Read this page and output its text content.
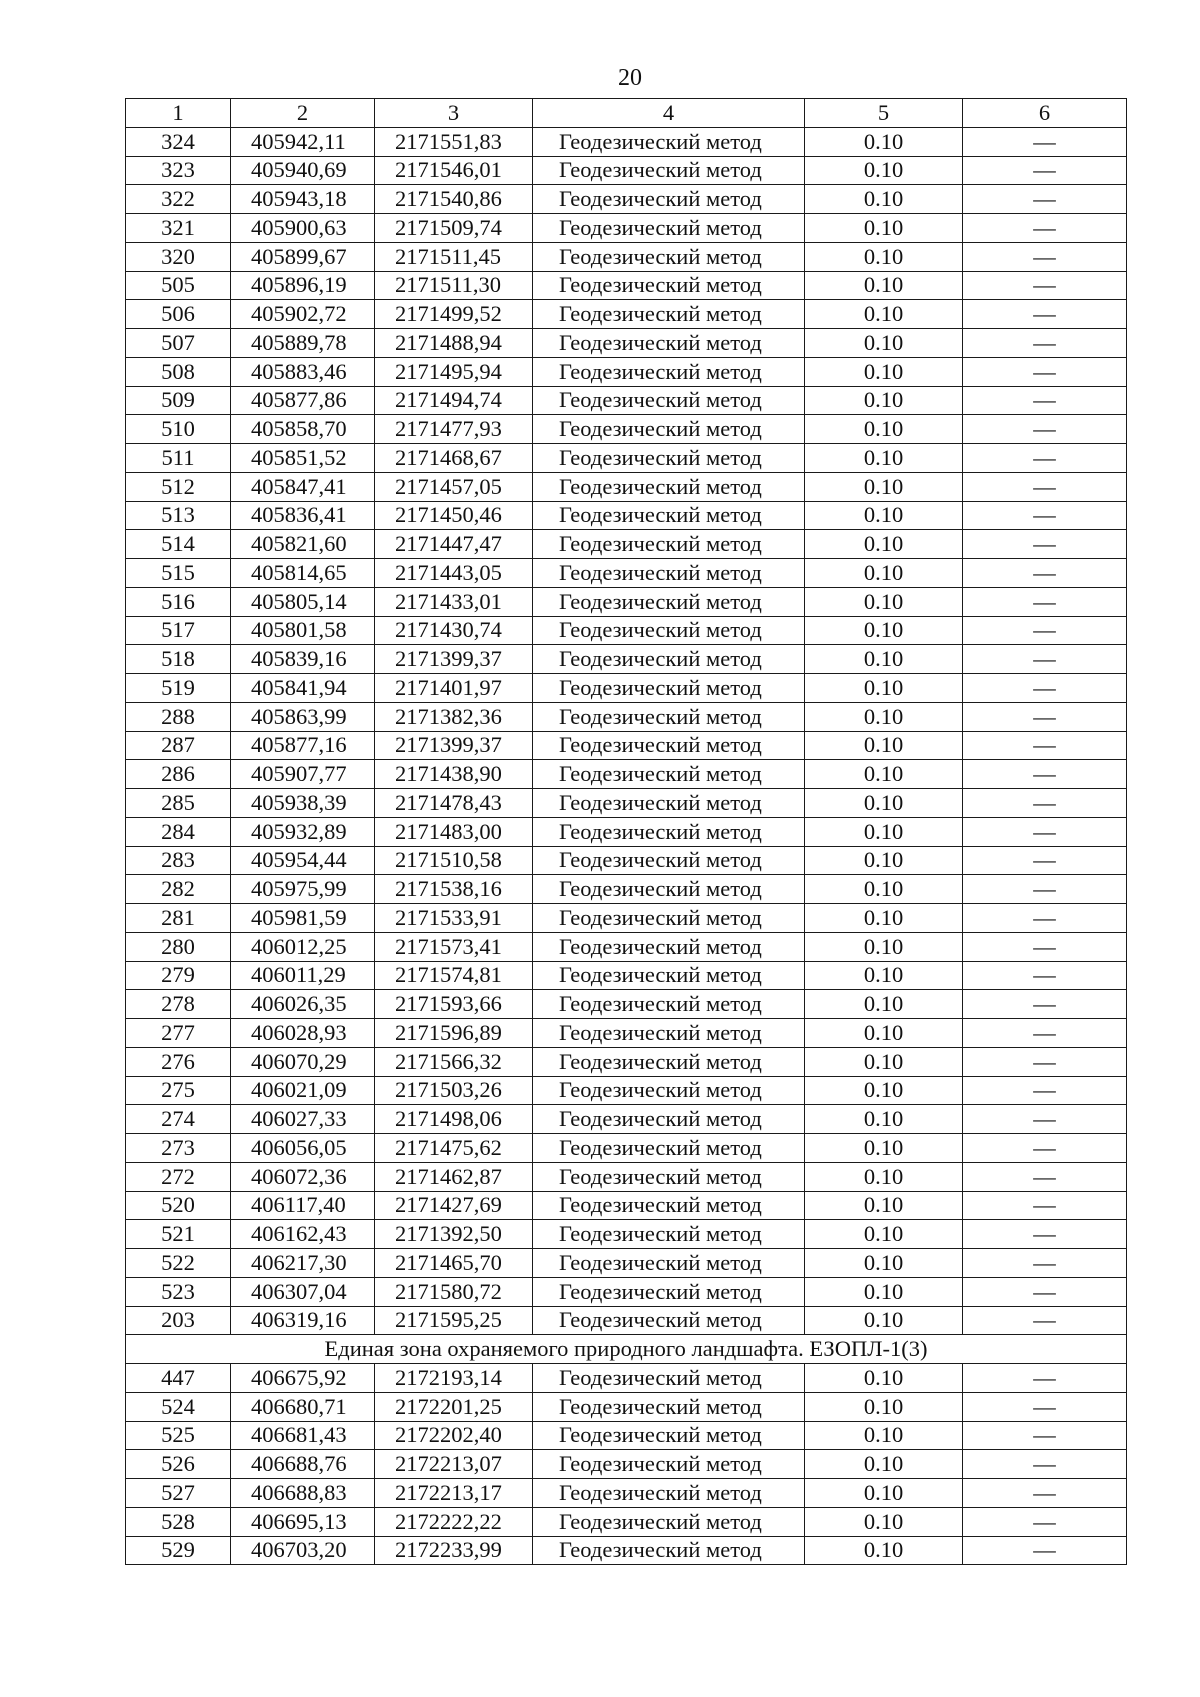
20
1	2	3	4	5	6
324	405942,11	2171551,83	Геодезический метод	0.10	—
323	405940,69	2171546,01	Геодезический метод	0.10	—
322	405943,18	2171540,86	Геодезический метод	0.10	—
321	405900,63	2171509,74	Геодезический метод	0.10	—
320	405899,67	2171511,45	Геодезический метод	0.10	—
505	405896,19	2171511,30	Геодезический метод	0.10	—
506	405902,72	2171499,52	Геодезический метод	0.10	—
507	405889,78	2171488,94	Геодезический метод	0.10	—
508	405883,46	2171495,94	Геодезический метод	0.10	—
509	405877,86	2171494,74	Геодезический метод	0.10	—
510	405858,70	2171477,93	Геодезический метод	0.10	—
511	405851,52	2171468,67	Геодезический метод	0.10	—
512	405847,41	2171457,05	Геодезический метод	0.10	—
513	405836,41	2171450,46	Геодезический метод	0.10	—
514	405821,60	2171447,47	Геодезический метод	0.10	—
515	405814,65	2171443,05	Геодезический метод	0.10	—
516	405805,14	2171433,01	Геодезический метод	0.10	—
517	405801,58	2171430,74	Геодезический метод	0.10	—
518	405839,16	2171399,37	Геодезический метод	0.10	—
519	405841,94	2171401,97	Геодезический метод	0.10	—
288	405863,99	2171382,36	Геодезический метод	0.10	—
287	405877,16	2171399,37	Геодезический метод	0.10	—
286	405907,77	2171438,90	Геодезический метод	0.10	—
285	405938,39	2171478,43	Геодезический метод	0.10	—
284	405932,89	2171483,00	Геодезический метод	0.10	—
283	405954,44	2171510,58	Геодезический метод	0.10	—
282	405975,99	2171538,16	Геодезический метод	0.10	—
281	405981,59	2171533,91	Геодезический метод	0.10	—
280	406012,25	2171573,41	Геодезический метод	0.10	—
279	406011,29	2171574,81	Геодезический метод	0.10	—
278	406026,35	2171593,66	Геодезический метод	0.10	—
277	406028,93	2171596,89	Геодезический метод	0.10	—
276	406070,29	2171566,32	Геодезический метод	0.10	—
275	406021,09	2171503,26	Геодезический метод	0.10	—
274	406027,33	2171498,06	Геодезический метод	0.10	—
273	406056,05	2171475,62	Геодезический метод	0.10	—
272	406072,36	2171462,87	Геодезический метод	0.10	—
520	406117,40	2171427,69	Геодезический метод	0.10	—
521	406162,43	2171392,50	Геодезический метод	0.10	—
522	406217,30	2171465,70	Геодезический метод	0.10	—
523	406307,04	2171580,72	Геодезический метод	0.10	—
203	406319,16	2171595,25	Геодезический метод	0.10	—
Единая зона охраняемого природного ландшафта. ЕЗОПЛ-1(3)					
447	406675,92	2172193,14	Геодезический метод	0.10	—
524	406680,71	2172201,25	Геодезический метод	0.10	—
525	406681,43	2172202,40	Геодезический метод	0.10	—
526	406688,76	2172213,07	Геодезический метод	0.10	—
527	406688,83	2172213,17	Геодезический метод	0.10	—
528	406695,13	2172222,22	Геодезический метод	0.10	—
529	406703,20	2172233,99	Геодезический метод	0.10	—
